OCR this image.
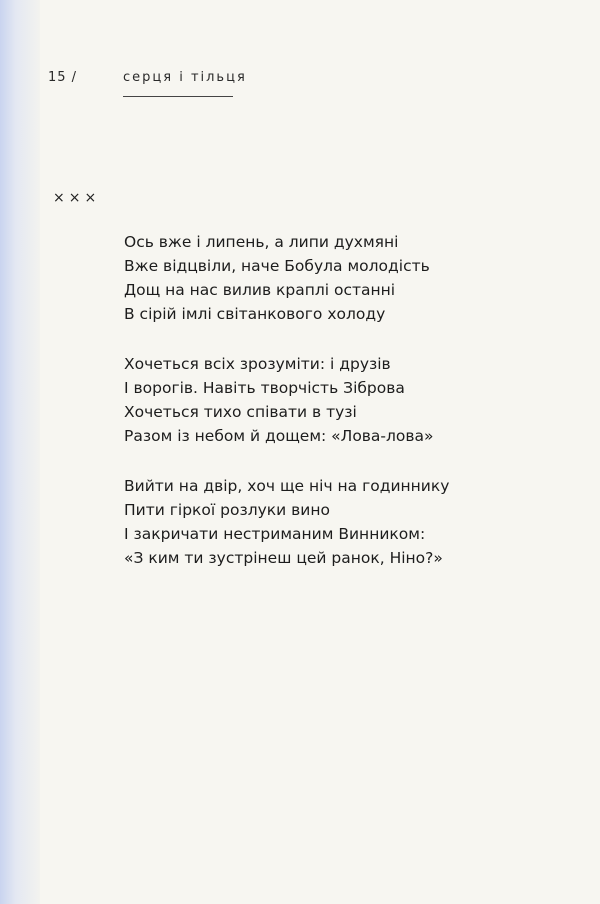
15 /	серця і тільця
×××
Ось вже і липень, а липи духмяні
Вже відцвіли, наче Бобула молодість
Дощ на нас вилив краплі останні
В сірій імлі світанкового холоду
Хочеться всіх зрозуміти: і друзів
І ворогів. Навіть творчість Зіброва
Хочеться тихо співати в тузі
Разом із небом й дощем: «Лова-лова»
Вийти на двір, хоч ще ніч на годиннику
Пити гіркої розлуки вино
І закричати нестриманим Винником:
«З ким ти зустрінеш цей ранок, Ніно?»
